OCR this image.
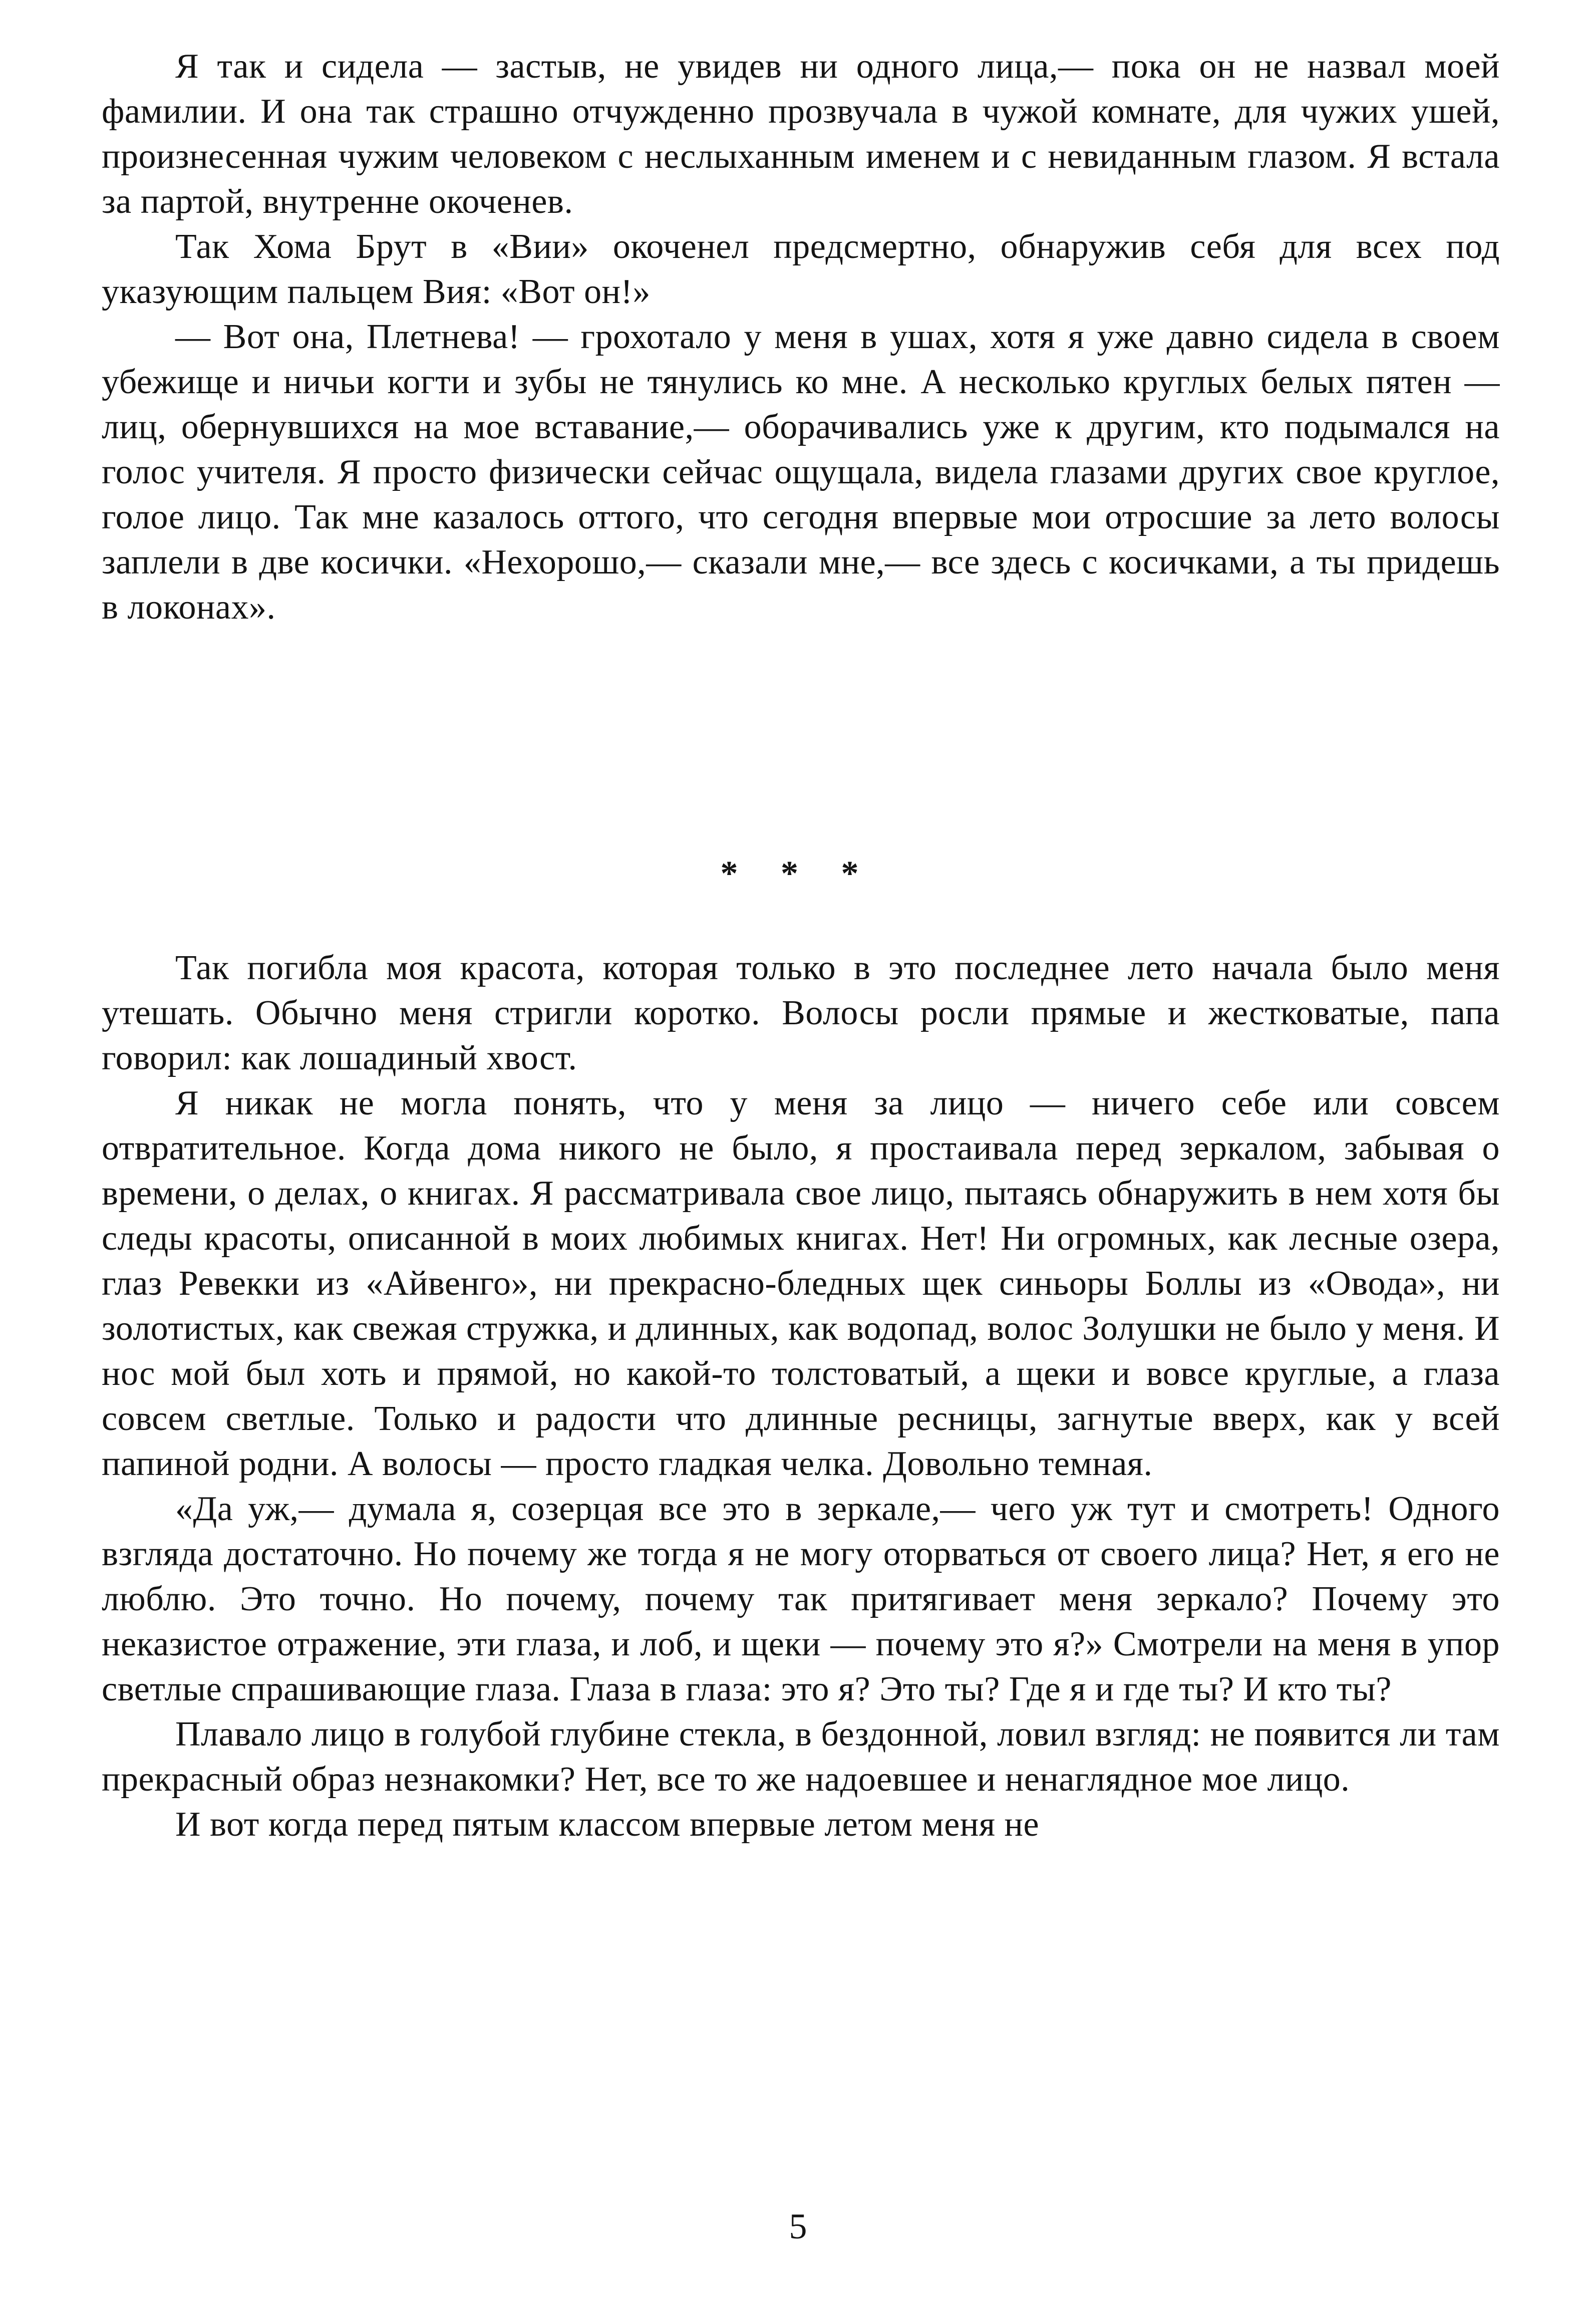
Я так и сидела — застыв, не увидев ни одного лица,— пока он не назвал моей фамилии. И она так страшно отчужденно прозвучала в чужой комнате, для чужих ушей, произнесенная чужим человеком с неслыханным именем и с невиданным глазом. Я встала за партой, внутренне окоченев.

Так Хома Брут в «Вии» окоченел предсмертно, обнаружив себя для всех под указующим пальцем Вия: «Вот он!»

— Вот она, Плетнева! — грохотало у меня в ушах, хотя я уже давно сидела в своем убежище и ничьи когти и зубы не тянулись ко мне. А несколько круглых белых пятен — лиц, обернувшихся на мое вставание,— оборачивались уже к другим, кто подымался на голос учителя. Я просто физически сейчас ощущала, видела глазами других свое круглое, голое лицо. Так мне казалось оттого, что сегодня впервые мои отросшие за лето волосы заплели в две косички. «Нехорошо,— сказали мне,— все здесь с косичками, а ты придешь в локонах».

* * *

Так погибла моя красота, которая только в это последнее лето начала было меня утешать. Обычно меня стригли коротко. Волосы росли прямые и жестковатые, папа говорил: как лошадиный хвост.

Я никак не могла понять, что у меня за лицо — ничего себе или совсем отвратительное. Когда дома никого не было, я простаивала перед зеркалом, забывая о времени, о делах, о книгах. Я рассматривала свое лицо, пытаясь обнаружить в нем хотя бы следы красоты, описанной в моих любимых книгах. Нет! Ни огромных, как лесные озера, глаз Ревекки из «Айвенго», ни прекрасно-бледных щек синьоры Боллы из «Овода», ни золотистых, как свежая стружка, и длинных, как водопад, волос Золушки не было у меня. И нос мой был хоть и прямой, но какой-то толстоватый, а щеки и вовсе круглые, а глаза совсем светлые. Только и радости что длинные ресницы, загнутые вверх, как у всей папиной родни. А волосы — просто гладкая челка. Довольно темная.

«Да уж,— думала я, созерцая все это в зеркале,— чего уж тут и смотреть! Одного взгляда достаточно. Но почему же тогда я не могу оторваться от своего лица? Нет, я его не люблю. Это точно. Но почему, почему так притягивает меня зеркало? Почему это неказистое отражение, эти глаза, и лоб, и щеки — почему это я?» Смотрели на меня в упор светлые спрашивающие глаза. Глаза в глаза: это я? Это ты? Где я и где ты? И кто ты?

Плавало лицо в голубой глубине стекла, в бездонной, ловил взгляд: не появится ли там прекрасный образ незнакомки? Нет, все то же надоевшее и ненаглядное мое лицо.

И вот когда перед пятым классом впервые летом меня не

5
